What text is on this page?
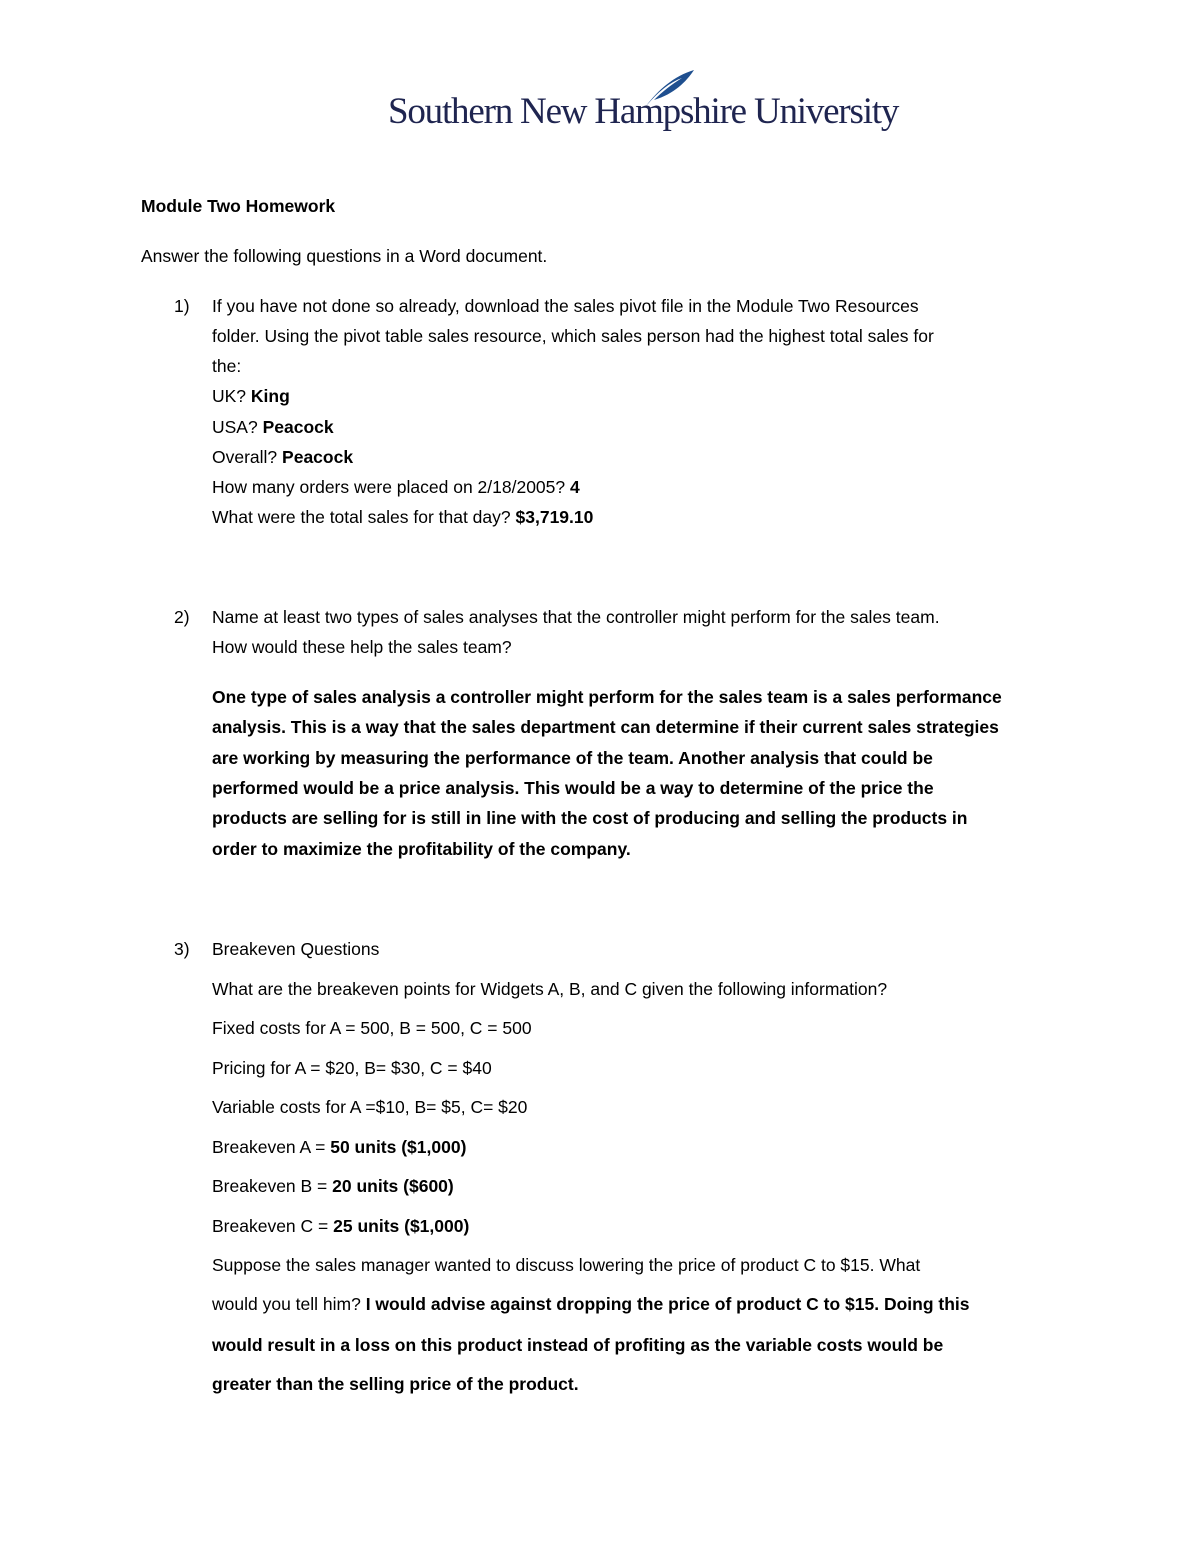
Southern New Hampshire University
Module Two Homework
Answer the following questions in a Word document.
1) If you have not done so already, download the sales pivot file in the Module Two Resources
folder. Using the pivot table sales resource, which sales person had the highest total sales for
the:
UK? King
USA? Peacock
Overall? Peacock
How many orders were placed on 2/18/2005? 4
What were the total sales for that day? $3,719.10
2) Name at least two types of sales analyses that the controller might perform for the sales team.
How would these help the sales team?
One type of sales analysis a controller might perform for the sales team is a sales performance
analysis. This is a way that the sales department can determine if their current sales strategies
are working by measuring the performance of the team. Another analysis that could be
performed would be a price analysis. This would be a way to determine of the price the
products are selling for is still in line with the cost of producing and selling the products in
order to maximize the profitability of the company.
3) Breakeven Questions
What are the breakeven points for Widgets A, B, and C given the following information?
Fixed costs for A = 500, B = 500, C = 500
Pricing for A = $20, B= $30, C = $40
Variable costs for A =$10, B= $5, C= $20
Breakeven A = 50 units ($1,000)
Breakeven B = 20 units ($600)
Breakeven C = 25 units ($1,000)
Suppose the sales manager wanted to discuss lowering the price of product C to $15. What
would you tell him? I would advise against dropping the price of product C to $15. Doing this
would result in a loss on this product instead of profiting as the variable costs would be
greater than the selling price of the product.
